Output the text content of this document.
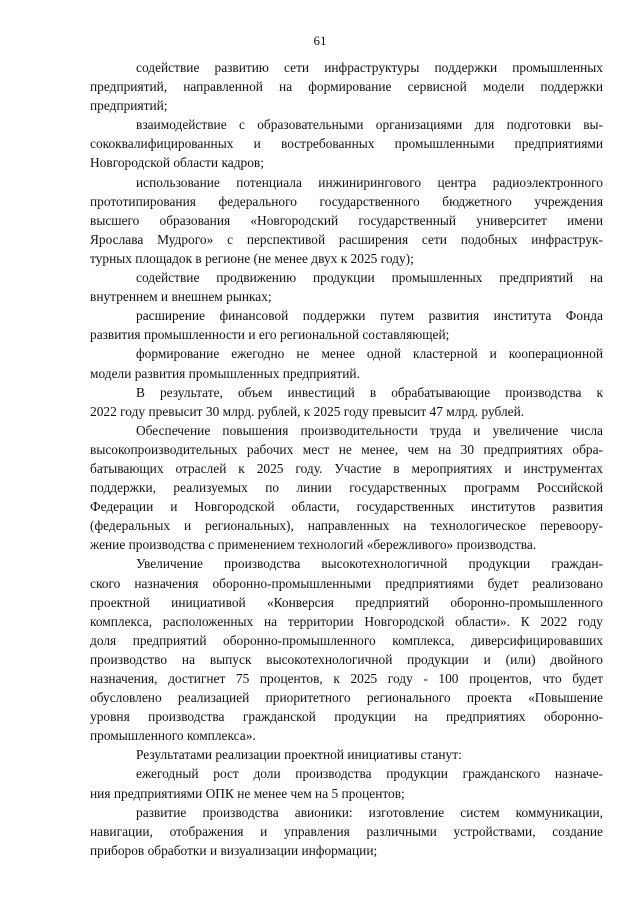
61

содействие развитию сети инфраструктуры поддержки промышленных
предприятий, направленной на формирование сервисной модели поддержки
предприятий;

взаимодействие с образовательными организациями для подготовки вы-
сококвалифицированных и востребованных промышленными предприятиями
Новгородской области кадров;

использование потенциала инжинирингового центра радиоэлектронного
прототипирования федерального государственного бюджетного учреждения
высшего образования «Новгородский государственный университет имени
Ярослава Мудрого» с перспективой расширения сети подобных инфраструк-
турных площадок в регионе (не менее двух к 2025 году);

содействие продвижению продукции промышленных предприятий на
внутреннем и внешнем рынках;

расширение финансовой поддержки путем развития института Фонда
развития промышленности и его региональной составляющей;

формирование ежегодно не менее одной кластерной и кооперационной
модели развития промышленных предприятий.

В результате, объем инвестиций в обрабатывающие производства к
2022 году превысит 30 млрд. рублей, к 2025 году превысит 47 млрд. рублей.

Обеспечение повышения производительности труда и увеличение числа
высокопроизводительных рабочих мест не менее, чем на 30 предприятиях обра-
батывающих отраслей к 2025 году. Участие в мероприятиях и инструментах
поддержки, реализуемых по линии государственных программ Российской
Федерации и Новгородской области, государственных институтов развития
(федеральных и региональных), направленных на технологическое перевоору-
жение производства с применением технологий «бережливого» производства.

Увеличение производства высокотехнологичной продукции граждан-
ского назначения оборонно-промышленными предприятиями будет реализовано
проектной инициативой «Конверсия предприятий оборонно-промышленного
комплекса, расположенных на территории Новгородской области». К 2022 году
доля предприятий оборонно-промышленного комплекса, диверсифицировавших
производство на выпуск высокотехнологичной продукции и (или) двойного
назначения, достигнет 75 процентов, к 2025 году - 100 процентов, что будет
обусловлено реализацией приоритетного регионального проекта «Повышение
уровня производства гражданской продукции на предприятиях оборонно-
промышленного комплекса».

Результатами реализации проектной инициативы станут:

ежегодный рост доли производства продукции гражданского назначе-
ния предприятиями ОПК не менее чем на 5 процентов;

развитие производства авионики: изготовление систем коммуникации,
навигации, отображения и управления различными устройствами, создание
приборов обработки и визуализации информации;
